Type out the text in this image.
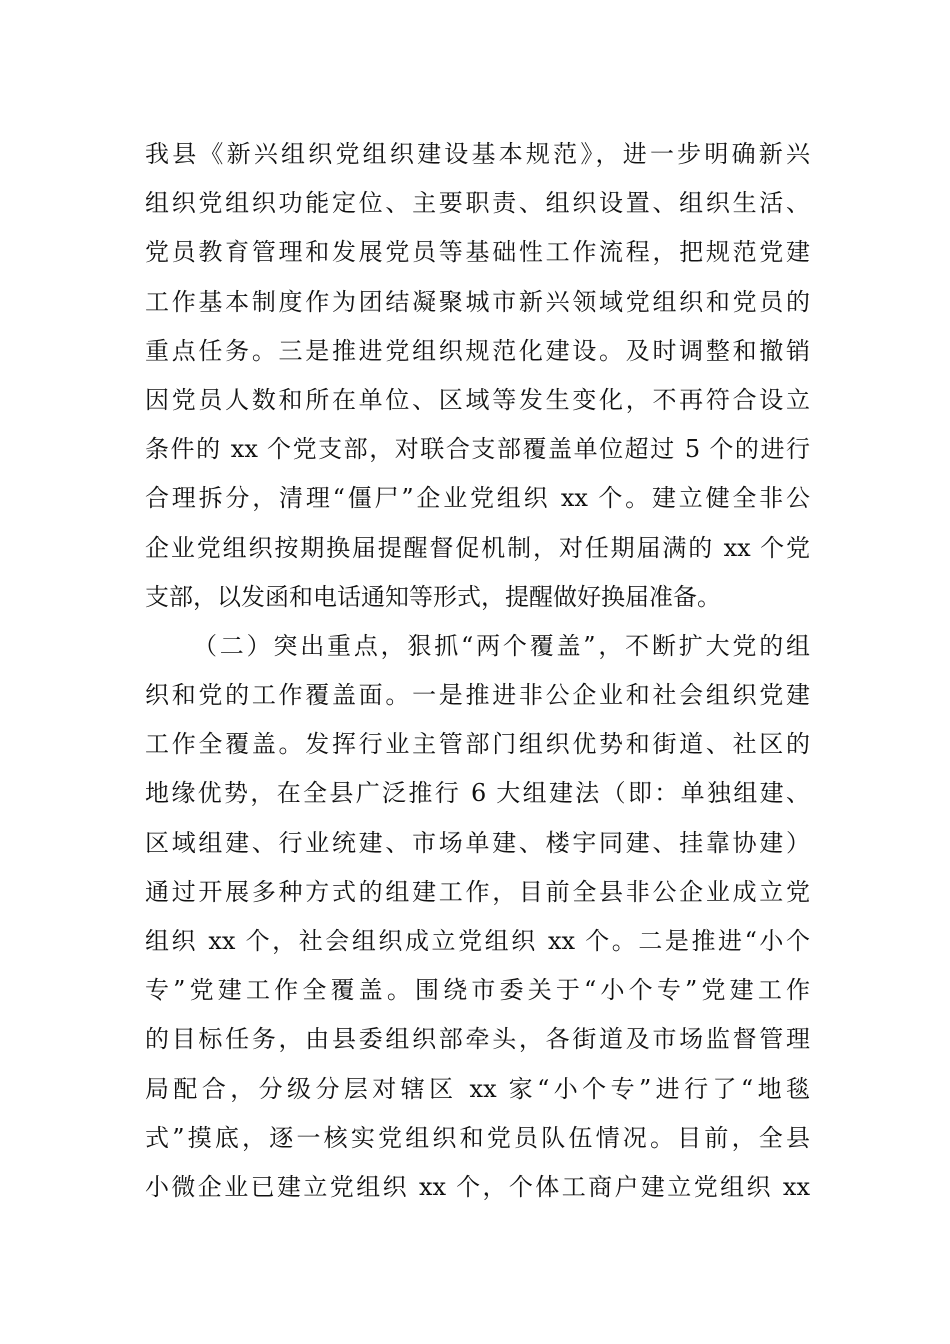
我县《新兴组织党组织建设基本规范》，进一步明确新兴
组织党组织功能定位、主要职责、组织设置、组织生活、
党员教育管理和发展党员等基础性工作流程，把规范党建
工作基本制度作为团结凝聚城市新兴领域党组织和党员的
重点任务。三是推进党组织规范化建设。及时调整和撤销
因党员人数和所在单位、区域等发生变化，不再符合设立
条件的 xx 个党支部，对联合支部覆盖单位超过 5 个的进行
合理拆分，清理“僵尸”企业党组织 xx 个。建立健全非公
企业党组织按期换届提醒督促机制，对任期届满的 xx 个党
支部，以发函和电话通知等形式，提醒做好换届准备。
（二）突出重点，狠抓“两个覆盖”，不断扩大党的组
织和党的工作覆盖面。一是推进非公企业和社会组织党建
工作全覆盖。发挥行业主管部门组织优势和街道、社区的
地缘优势，在全县广泛推行 6 大组建法（即：单独组建、
区域组建、行业统建、市场单建、楼宇同建、挂靠协建）
通过开展多种方式的组建工作，目前全县非公企业成立党
组织 xx 个，社会组织成立党组织 xx 个。二是推进“小个
专”党建工作全覆盖。围绕市委关于“小个专”党建工作
的目标任务，由县委组织部牵头，各街道及市场监督管理
局配合，分级分层对辖区 xx 家“小个专”进行了“地毯
式”摸底，逐一核实党组织和党员队伍情况。目前，全县
小微企业已建立党组织 xx 个，个体工商户建立党组织 xx
